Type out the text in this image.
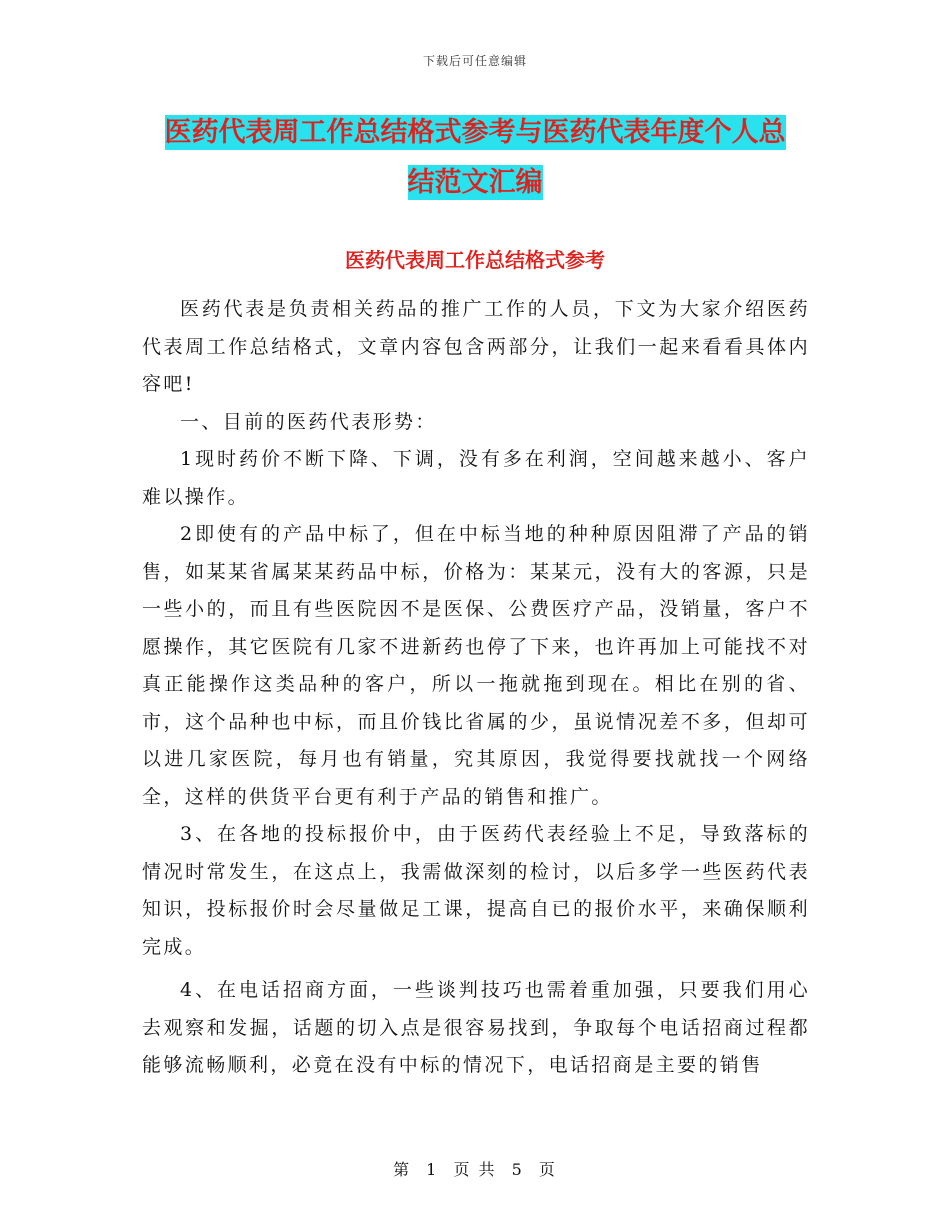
下载后可任意编辑
医药代表周工作总结格式参考与医药代表年度个人总
结范文汇编
医药代表周工作总结格式参考

医药代表是负责相关药品的推广工作的人员，下文为大家介绍医药代表周工作总结格式，文章内容包含两部分，让我们一起来看看具体内容吧!

一、目前的医药代表形势：

1现时药价不断下降、下调，没有多在利润，空间越来越小、客户难以操作。

2即使有的产品中标了，但在中标当地的种种原因阻滞了产品的销售，如某某省属某某药品中标，价格为：某某元，没有大的客源，只是一些小的，而且有些医院因不是医保、公费医疗产品，没销量，客户不愿操作，其它医院有几家不进新药也停了下来，也许再加上可能找不对真正能操作这类品种的客户，所以一拖就拖到现在。相比在别的省、市，这个品种也中标，而且价钱比省属的少，虽说情况差不多，但却可以进几家医院，每月也有销量，究其原因，我觉得要找就找一个网络全，这样的供货平台更有利于产品的销售和推广。

3、在各地的投标报价中，由于医药代表经验上不足，导致落标的情况时常发生，在这点上，我需做深刻的检讨，以后多学一些医药代表知识，投标报价时会尽量做足工课，提高自已的报价水平，来确保顺利完成。

4、在电话招商方面，一些谈判技巧也需着重加强，只要我们用心去观察和发掘，话题的切入点是很容易找到，争取每个电话招商过程都能够流畅顺利，必竟在没有中标的情况下，电话招商是主要的销售

第 1 页 共 5 页
